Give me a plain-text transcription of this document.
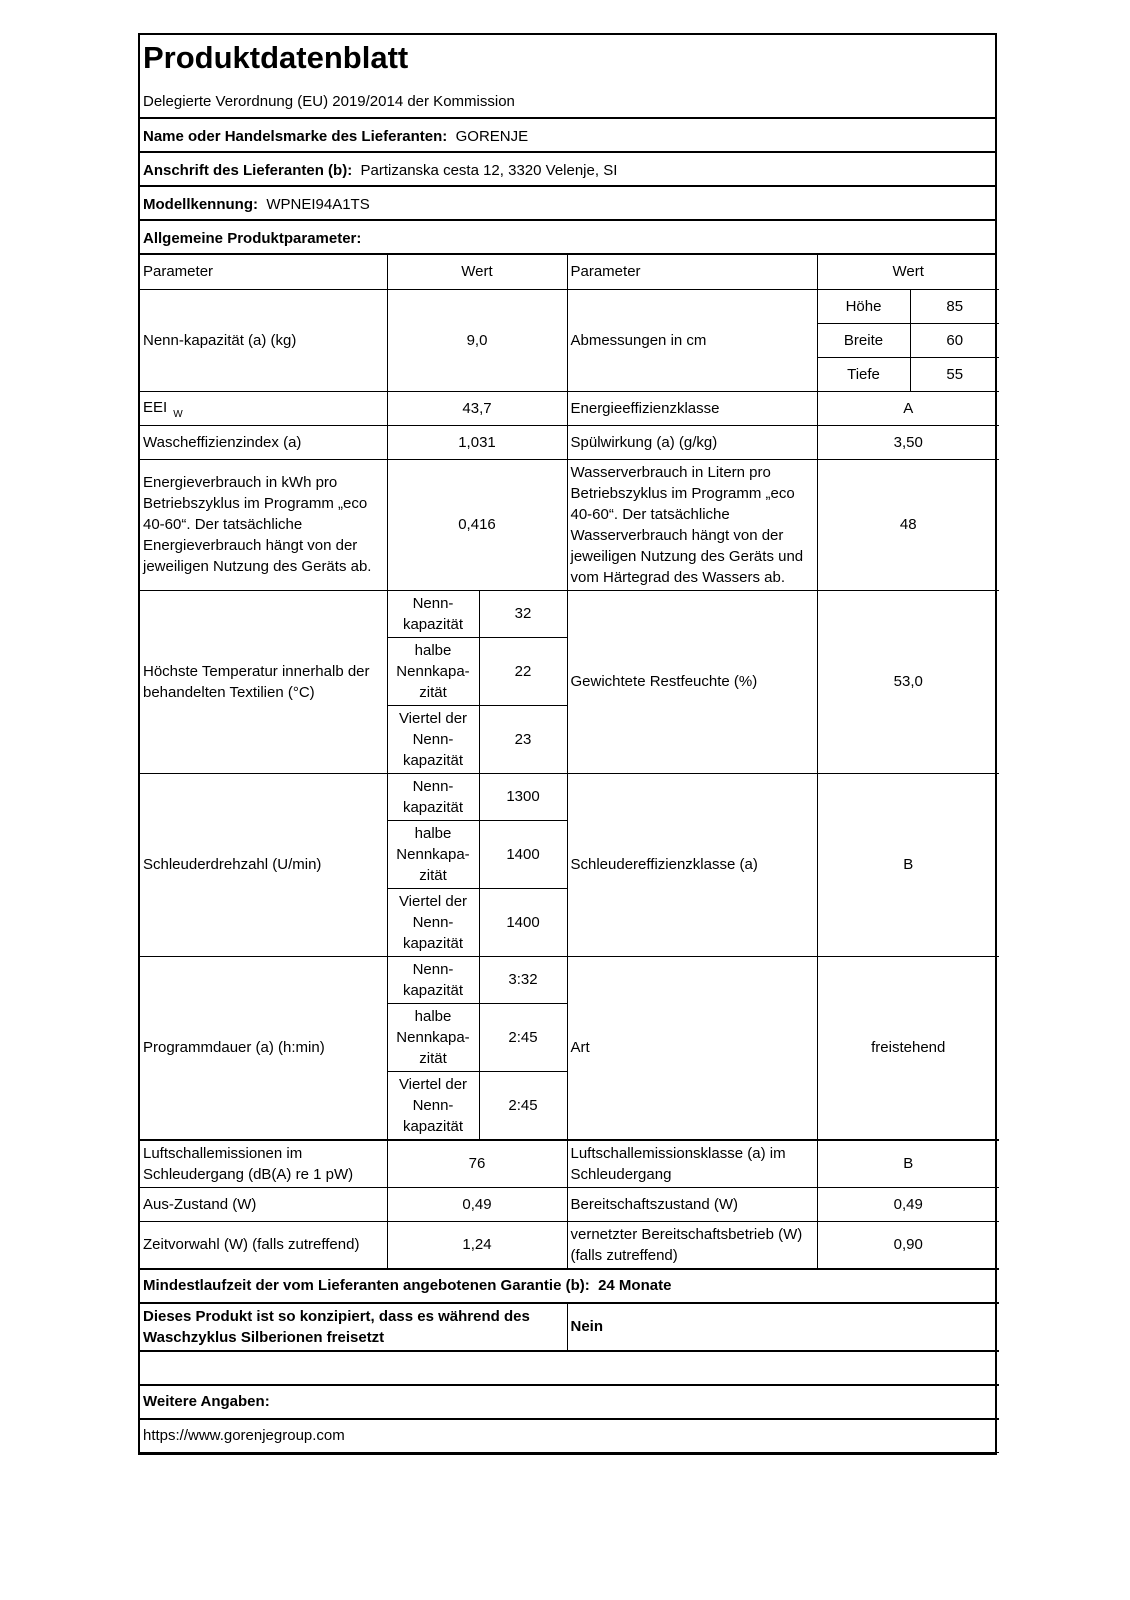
Produktdatenblatt
Delegierte Verordnung (EU) 2019/2014 der Kommission
Name oder Handelsmarke des Lieferanten: GORENJE
Anschrift des Lieferanten (b): Partizanska cesta 12, 3320 Velenje, SI
Modellkennung: WPNEI94A1TS
Allgemeine Produktparameter:
Parameter	Wert		Parameter	Wert	
Nenn-kapazität (a) (kg)	9,0		Abmessungen in cm	Höhe	85
				Breite	60
				Tiefe	55
EEI $_W$	43,7		Energieeffizienzklasse	A	
Wascheffizienzindex (a)	1,031		Spülwirkung (a) (g/kg)	3,50	
Energieverbrauch in kWh pro Betriebszyklus im Programm „eco 40-60“. Der tatsächliche Energieverbrauch hängt von der jeweiligen Nutzung des Geräts ab.	0,416		Wasserverbrauch in Litern pro Betriebszyklus im Programm „eco 40-60“. Der tatsächliche Wasserverbrauch hängt von der jeweiligen Nutzung des Geräts und vom Härtegrad des Wassers ab.	48	
Höchste Temperatur innerhalb der behandelten Textilien (°C)	Nenn-kapazität	32	Gewichtete Restfeuchte (%)	53,0	
	halbe Nennkapa-zität	22			
	Viertel der Nenn-kapazität	23			
Schleuderdrehzahl (U/min)	Nenn-kapazität	1300	Schleudereffizienzklasse (a)	B	
	halbe Nennkapa-zität	1400			
	Viertel der Nenn-kapazität	1400			
Programmdauer (a) (h:min)	Nenn-kapazität	3:32	Art	freistehend	
	halbe Nennkapa-zität	2:45			
	Viertel der Nenn-kapazität	2:45			
Luftschallemissionen im Schleudergang (dB(A) re 1 pW)	76		Luftschallemissionsklasse (a) im Schleudergang	B	
Aus-Zustand (W)	0,49		Bereitschaftszustand (W)	0,49	
Zeitvorwahl (W) (falls zutreffend)	1,24		vernetzter Bereitschaftsbetrieb (W) (falls zutreffend)	0,90	
Mindestlaufzeit der vom Lieferanten angebotenen Garantie (b): 24 Monate					
Dieses Produkt ist so konzipiert, dass es während des Waschzyklus Silberionen freisetzt			Nein		

Weitere Angaben:					
https://www.gorenjegroup.com					
